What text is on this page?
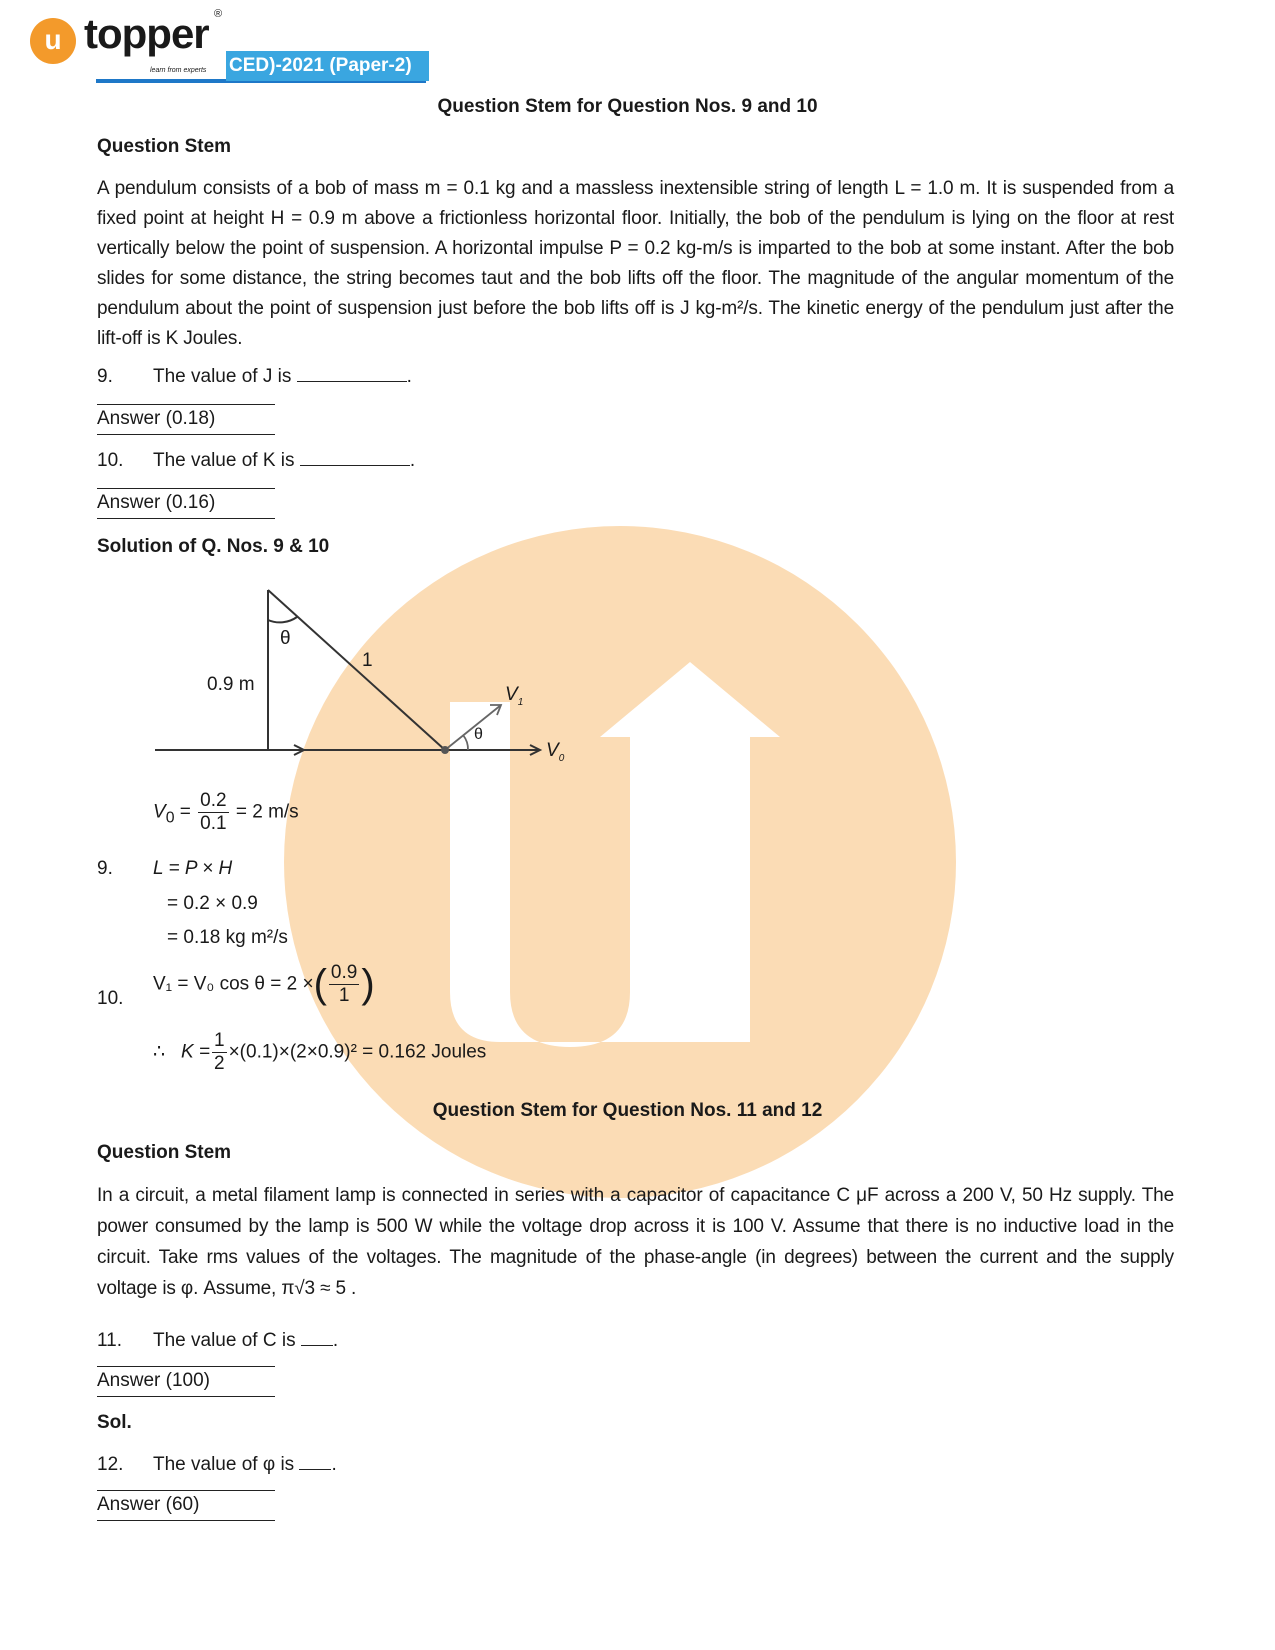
u topper ®
learn from experts CED)-2021 (Paper-2)
Question Stem for Question Nos. 9 and 10
Question Stem
A pendulum consists of a bob of mass m = 0.1 kg and a massless inextensible string of length L = 1.0 m. It is suspended from a fixed point at height H = 0.9 m above a frictionless horizontal floor. Initially, the bob of the pendulum is lying on the floor at rest vertically below the point of suspension. A horizontal impulse P = 0.2 kg-m/s is imparted to the bob at some instant. After the bob slides for some distance, the string becomes taut and the bob lifts off the floor. The magnitude of the angular momentum of the pendulum about the point of suspension just before the bob lifts off is J kg-m²/s. The kinetic energy of the pendulum just after the lift-off is K Joules.
9. The value of J is	.
Answer (0.18)
10. The value of K is	.
Answer (0.16)
Solution of Q. Nos. 9 & 10
θ
1
0.9 m	$V_1$
θ
$V_0$
$V_0 = \frac{0.2}{0.1} = 2$ m/s
9. L = P × H
= 0.2 × 0.9
= 0.18 kg m²/s
10.
V₁ = V₀ cos θ = 2 ×( $\frac{0.9}{1}$ )
∴ $K = \frac{1}{2} \times(0.1)\times(2\times 0.9)^2 = 0.162$ Joules
Question Stem for Question Nos. 11 and 12
Question Stem
In a circuit, a metal filament lamp is connected in series with a capacitor of capacitance C μF across a 200 V, 50 Hz supply. The power consumed by the lamp is 500 W while the voltage drop across it is 100 V. Assume that there is no inductive load in the circuit. Take rms values of the voltages. The magnitude of the phase-angle (in degrees) between the current and the supply voltage is φ. Assume, π√3 ≈ 5 .
11. The value of C is .
Answer (100)
Sol.
12. The value of φ is .
Answer (60)
